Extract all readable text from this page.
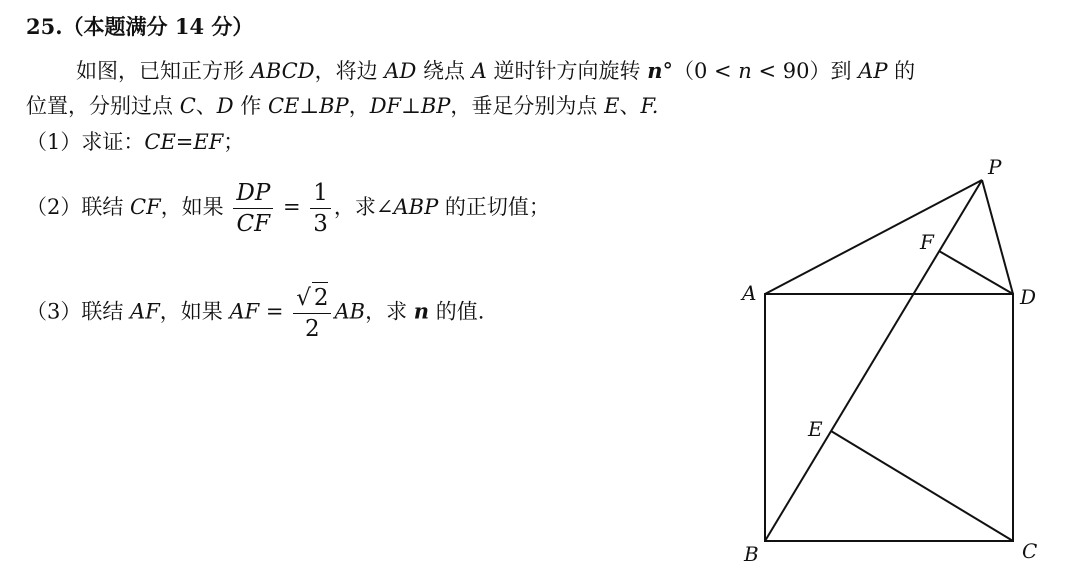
25.（本题满分 14 分）
如图，已知正方形 ABCD，将边 AD 绕点 A 逆时针方向旋转 n°（0 < n < 90）到 AP 的
位置，分别过点 C、D 作 CE⊥BP，DF⊥BP，垂足分别为点 E、F.
（1）求证：CE=EF；
（2）联结 CF，如果 $\frac{DP}{CF} = \frac{1}{3}$ ，求∠ABP 的正切值；
（3）联结 AF，如果 AF = $\frac{√ 2}{2}$ AB，求 n 的值.
A
B	C
D
E
F
P
